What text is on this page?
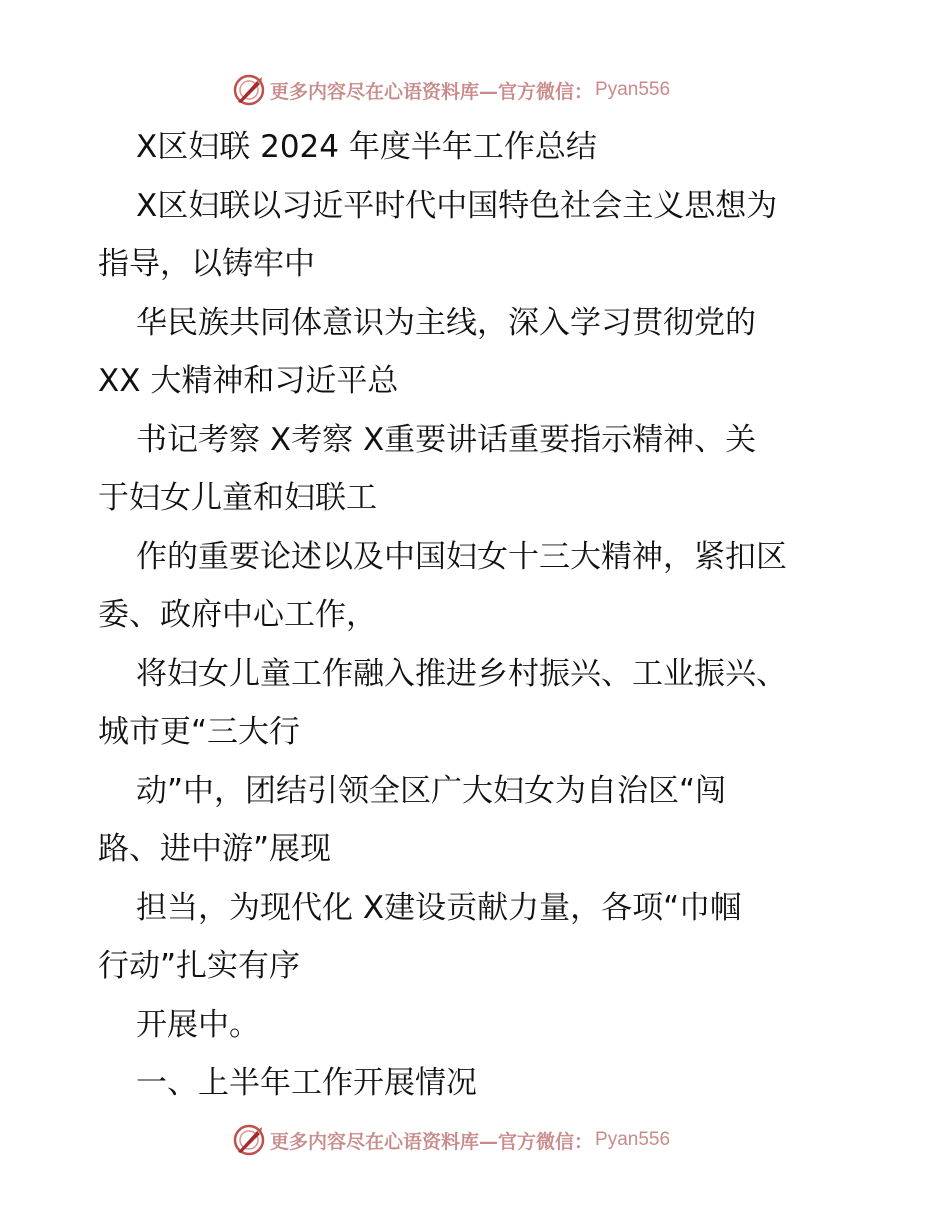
更多内容尽在心语资料库—官方微信： Pyan556
X区妇联 2024 年度半年工作总结
X区妇联以习近平时代中国特色社会主义思想为
指导，以铸牢中
华民族共同体意识为主线，深入学习贯彻党的
XX 大精神和习近平总
书记考察 X考察 X重要讲话重要指示精神、关
于妇女儿童和妇联工
作的重要论述以及中国妇女十三大精神，紧扣区
委、政府中心工作，
将妇女儿童工作融入推进乡村振兴、工业振兴、
城市更“三大行
动”中，团结引领全区广大妇女为自治区“闯
路、进中游”展现
担当，为现代化 X建设贡献力量，各项“巾帼
行动”扎实有序
开展中。
一、上半年工作开展情况
更多内容尽在心语资料库—官方微信： Pyan556
